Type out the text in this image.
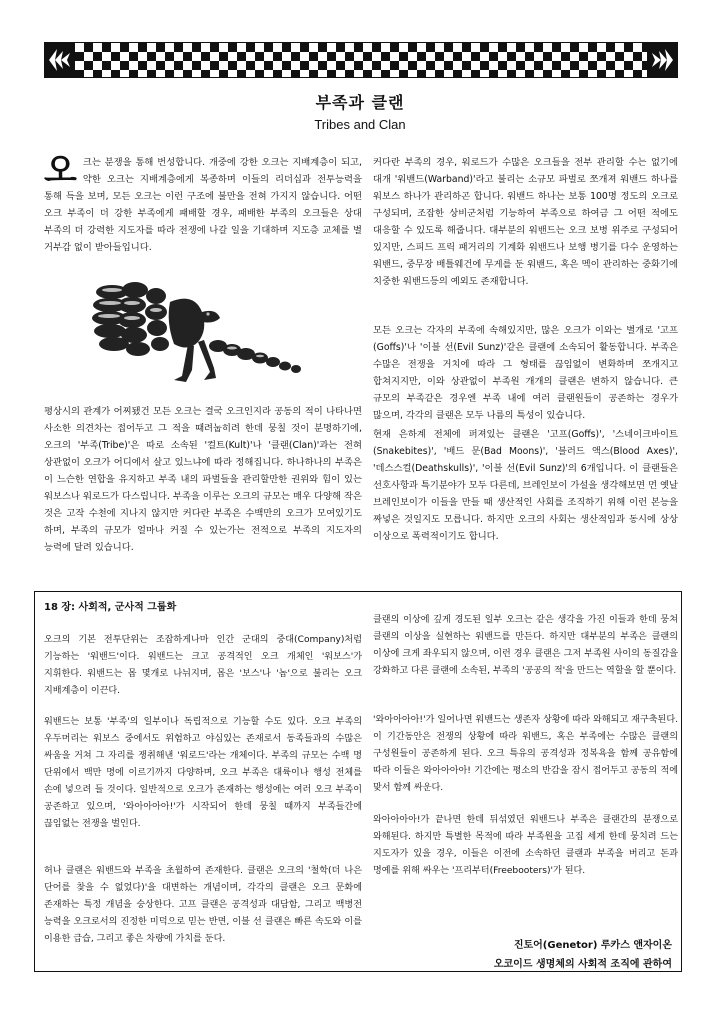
부족과 클랜
Tribes and Clan

오크는 분쟁을 통해 번성합니다. 개중에 강한 오크는 지배계층이 되고, 약한 오크는 지배계층에게 복종하며 이들의 리더십과 전투능력을 통해 득을 보며, 모든 오크는 이런 구조에 불만을 전혀 가지지 않습니다. 어떤 오크 부족이 더 강한 부족에게 패배할 경우, 패배한 부족의 오크들은 상대 부족의 더 강력한 지도자를 따라 전쟁에 나갈 일을 기대하며 지도층 교체를 별 거부감 없이 받아들입니다.

평상시의 관계가 어찌됐건 모든 오크는 결국 오크인지라 공동의 적이 나타나면 사소한 의견차는 접어두고 그 적을 때려눕히려 한데 뭉칠 것이 분명하기에, 오크의 '부족(Tribe)'은 따로 소속된 '컬트(Kult)'나 '클랜(Clan)'과는 전혀 상관없이 오크가 어디에서 살고 있느냐에 따라 정해집니다. 하나하나의 부족은 이 느슨한 연합을 유지하고 부족 내의 파벌들을 관리할만한 권위와 힘이 있는 워보스나 워로드가 다스립니다. 부족을 이루는 오크의 규모는 매우 다양해 작은 것은 고작 수천에 지나지 않지만 커다란 부족은 수백만의 오크가 모여있기도 하며, 부족의 규모가 얼마나 커질 수 있는가는 전적으로 부족의 지도자의 능력에 달려 있습니다.

커다란 부족의 경우, 워로드가 수많은 오크들을 전부 관리할 수는 없기에 대개 '워밴드(Warband)'라고 불리는 소규모 파벌로 쪼개져 워밴드 하나를 워보스 하나가 관리하곤 합니다. 워밴드 하나는 보통 100명 정도의 오크로 구성되며, 조잡한 상비군처럼 기능하여 부족으로 하여금 그 어떤 적에도 대응할 수 있도록 해줍니다. 대부분의 워밴드는 오크 보병 위주로 구성되어 있지만, 스피드 프릭 패거리의 기계화 워밴드나 보행 병기를 다수 운영하는 워밴드, 중무장 배틀웨건에 무게를 둔 워밴드, 혹은 멕이 관리하는 중화기에 치중한 워밴드등의 예외도 존재합니다.

모든 오크는 각자의 부족에 속해있지만, 많은 오크가 이와는 별개로 '고프(Goffs)'나 '이블 선(Evil Sunz)'같은 클랜에 소속되어 활동합니다. 부족은 수많은 전쟁을 거치에 따라 그 형태를 끊임없이 변화하며 쪼개지고 합쳐지지만, 이와 상관없이 부족원 개개의 클랜은 변하지 않습니다. 큰 규모의 부족같은 경우엔 부족 내에 여러 클랜원들이 공존하는 경우가 많으며, 각각의 클랜은 모두 나름의 특성이 있습니다.

현재 은하계 전체에 퍼져있는 클랜은 '고프(Goffs)', '스네이크바이트(Snakebites)', '배드 문(Bad Moons)', '블러드 액스(Blood Axes)', '데스스컬(Deathskulls)', '이블 선(Evil Sunz)'의 6개입니다. 이 클랜들은 선호사항과 특기분야가 모두 다른데, 브레인보이 가설을 생각해보면 먼 옛날 브레인보이가 이들을 만들 때 생산적인 사회를 조직하기 위해 이런 본능을 짜넣은 것일지도 모릅니다. 하지만 오크의 사회는 생산적임과 동시에 상상 이상으로 폭력적이기도 합니다.

18 장: 사회적, 군사적 그룹화

오크의 기본 전투단위는 조잡하게나마 인간 군대의 중대(Company)처럼 기능하는 '워밴드'이다. 워밴드는 크고 공격적인 오크 개체인 '워보스'가 지휘한다. 워밴드는 몹 몇개로 나뉘지며, 몹은 '보스'나 '놉'으로 불리는 오크 지배계층이 이끈다.

워밴드는 보통 '부족'의 일부이나 독립적으로 기능할 수도 있다. 오크 부족의 우두머리는 워보스 중에서도 위험하고 야심있는 존재로서 동족들과의 수많은 싸움을 거쳐 그 자리를 쟁취해낸 '워로드'라는 개체이다. 부족의 규모는 수백 명 단위에서 백만 명에 이르기까지 다양하며, 오크 부족은 대륙이나 행성 전체를 손에 넣으려 들 것이다. 일반적으로 오크가 존재하는 행성에는 여러 오크 부족이 공존하고 있으며, '와아아아아!'가 시작되어 한데 뭉칠 때까지 부족들간에 끊임없는 전쟁을 벌인다.

허나 클랜은 워밴드와 부족을 초월하여 존재한다. 클랜은 오크의 '철학(더 나은 단어를 찾을 수 없었다)'을 대변하는 개념이며, 각각의 클랜은 오크 문화에 존재하는 특정 개념을 숭상한다. 고프 클랜은 공격성과 대담함, 그리고 백병전 능력을 오크로서의 진정한 미덕으로 믿는 반면, 이블 선 클랜은 빠른 속도와 이를 이용한 급습, 그리고 좋은 차량에 가치를 둔다.

클랜의 이상에 깊게 경도된 일부 오크는 같은 생각을 가진 이들과 한데 뭉쳐 클랜의 이상을 실현하는 워밴드를 만든다. 하지만 대부분의 부족은 클랜의 이상에 크게 좌우되지 않으며, 이런 경우 클랜은 그저 부족원 사이의 동질감을 강화하고 다른 클랜에 소속된, 부족의 '공공의 적'을 만드는 역할을 할 뿐이다.

'와아아아아!'가 일어나면 워밴드는 생존자 상황에 따라 와해되고 재구축된다. 이 기간동안은 전쟁의 상황에 따라 워밴드, 혹은 부족에는 수많은 클랜의 구성원들이 공존하게 된다. 오크 특유의 공격성과 정복욕을 함께 공유함에 따라 이들은 와아아아아! 기간에는 평소의 반감을 잠시 접어두고 공동의 적에 맞서 함께 싸운다.

와아아아아!가 끝나면 한데 뒤섞였던 워밴드나 부족은 클랜간의 분쟁으로 와해된다. 하지만 특별한 목적에 따라 부족원을 고집 세게 한데 뭉치려 드는 지도자가 있을 경우, 이들은 이전에 소속하던 클랜과 부족을 버리고 돈과 명예를 위해 싸우는 '프리부터(Freebooters)'가 된다.

진토어(Genetor) 루카스 앤자이온
오코이드 생명체의 사회적 조직에 관하여
